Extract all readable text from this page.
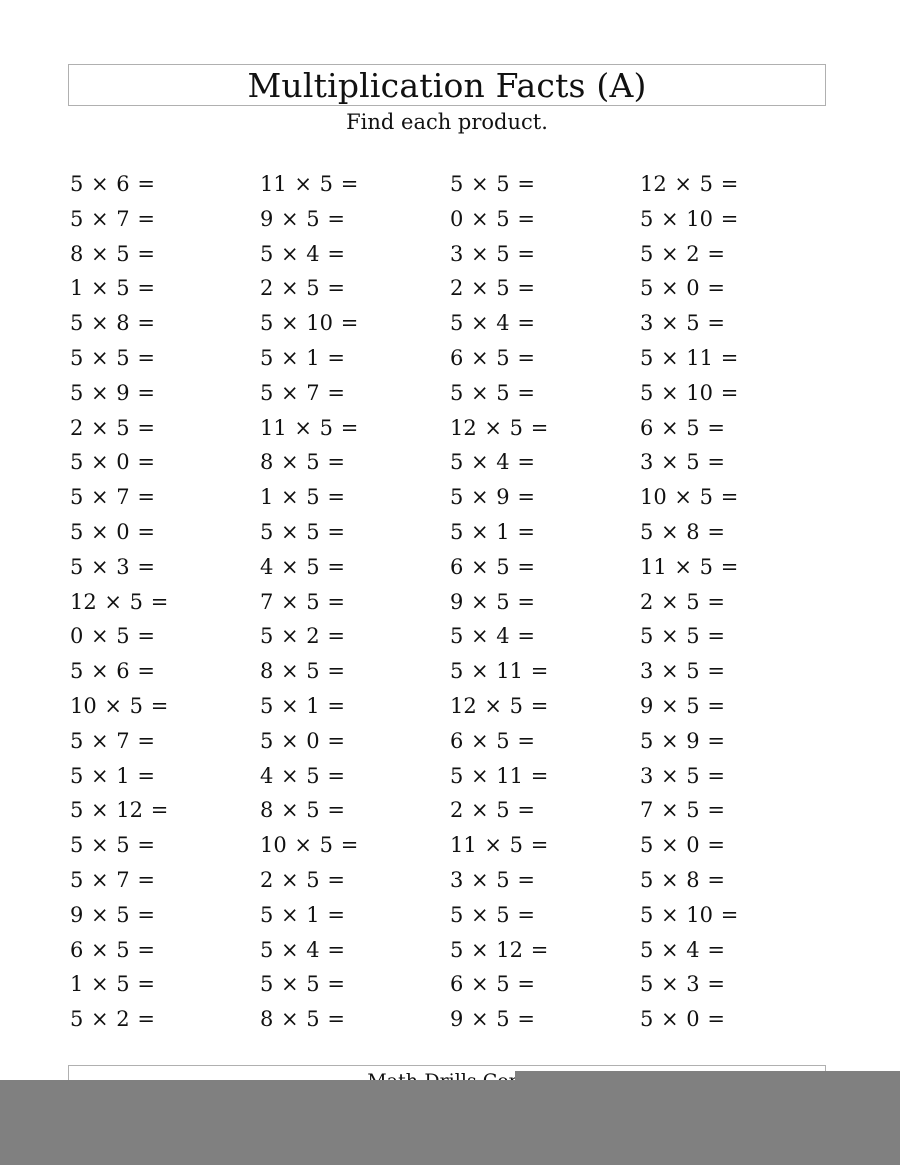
Multiplication Facts (A)

Find each product.

5 × 6 =
5 × 7 =
8 × 5 =
1 × 5 =
5 × 8 =
5 × 5 =
5 × 9 =
2 × 5 =
5 × 0 =
5 × 7 =
5 × 0 =
5 × 3 =
12 × 5 =
0 × 5 =
5 × 6 =
10 × 5 =
5 × 7 =
5 × 1 =
5 × 12 =
5 × 5 =
5 × 7 =
9 × 5 =
6 × 5 =
1 × 5 =
5 × 2 =
11 × 5 =
9 × 5 =
5 × 4 =
2 × 5 =
5 × 10 =
5 × 1 =
5 × 7 =
11 × 5 =
8 × 5 =
1 × 5 =
5 × 5 =
4 × 5 =
7 × 5 =
5 × 2 =
8 × 5 =
5 × 1 =
5 × 0 =
4 × 5 =
8 × 5 =
10 × 5 =
2 × 5 =
5 × 1 =
5 × 4 =
5 × 5 =
8 × 5 =
5 × 5 =
0 × 5 =
3 × 5 =
2 × 5 =
5 × 4 =
6 × 5 =
5 × 5 =
12 × 5 =
5 × 4 =
5 × 9 =
5 × 1 =
6 × 5 =
9 × 5 =
5 × 4 =
5 × 11 =
12 × 5 =
6 × 5 =
5 × 11 =
2 × 5 =
11 × 5 =
3 × 5 =
5 × 5 =
5 × 12 =
6 × 5 =
9 × 5 =
12 × 5 =
5 × 10 =
5 × 2 =
5 × 0 =
3 × 5 =
5 × 11 =
5 × 10 =
6 × 5 =
3 × 5 =
10 × 5 =
5 × 8 =
11 × 5 =
2 × 5 =
5 × 5 =
3 × 5 =
9 × 5 =
5 × 9 =
3 × 5 =
7 × 5 =
5 × 0 =
5 × 8 =
5 × 10 =
5 × 4 =
5 × 3 =
5 × 0 =
